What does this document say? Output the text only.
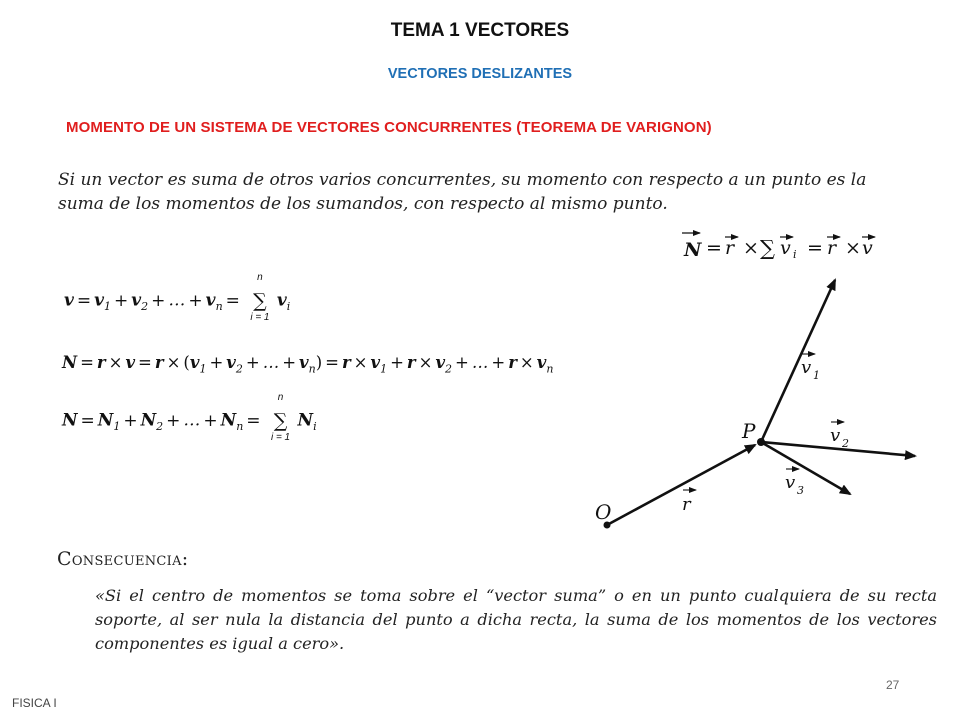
TEMA 1 VECTORES
VECTORES DESLIZANTES
MOMENTO DE UN SISTEMA DE VECTORES CONCURRENTES (TEOREMA DE VARIGNON)
Si un vector es suma de otros varios concurrentes, su momento con respecto a un punto es la suma de los momentos de los sumandos, con respecto al mismo punto.
$v = v_1 + v_2$ + … + $v_n$ =
n
∑
i = 1
$v_i$
$N = r \times v = r \times (v_1 + v_2$ + … + $v_n) = r \times v_1 + r \times v_2$ + … + $r \times v_n$
$N = N_1 + N_2$ + … + $N_n$ =
n
∑
i = 1
$N_i$
N = r × ∑ v i = r × v
O
P
r
v 1
v 2
v 3
Consecuencia:
«Si el centro de momentos se toma sobre el “vector suma” o en un punto cualquiera de su recta soporte, al ser nula la distancia del punto a dicha recta, la suma de los momentos de los vectores componentes es igual a cero».
FISICA I
27
